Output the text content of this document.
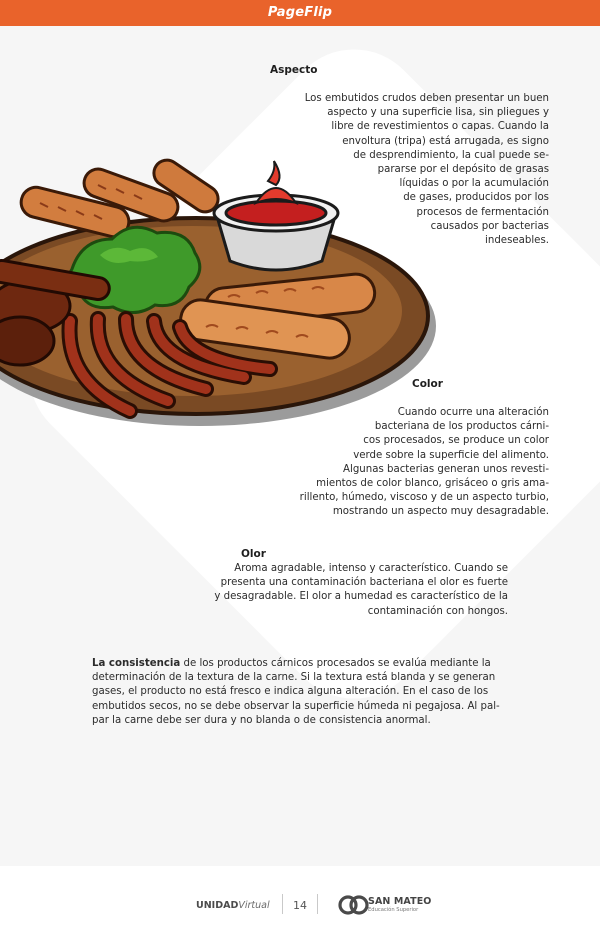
PageFlip

Aspecto

Los embutidos crudos deben presentar un buen
aspecto y una superficie lisa, sin pliegues y
libre de revestimientos o capas. Cuando la
envoltura (tripa) está arrugada, es signo
de desprendimiento, la cual puede se-
pararse por el depósito de grasas
líquidas o por la acumulación
de gases, producidos por los
procesos de fermentación
causados por bacterias
indeseables.

Color

Cuando ocurre una alteración
bacteriana de los productos cárni-
cos procesados, se produce un color
verde sobre la superficie del alimento.
Algunas bacterias generan unos revesti-
mientos de color blanco, grisáceo o gris ama-
rillento, húmedo, viscoso y de un aspecto turbio,
mostrando un aspecto muy desagradable.

Olor

Aroma agradable, intenso y característico. Cuando se
presenta una contaminación bacteriana el olor es fuerte
y desagradable. El olor a humedad es característico de la
contaminación con hongos.

La consistencia de los productos cárnicos procesados se evalúa mediante la
determinación de la textura de la carne. Si la textura está blanda y se generan
gases, el producto no está fresco e indica alguna alteración. En el caso de los
embutidos secos, no se debe observar la superficie húmeda ni pegajosa. Al pal-
par la carne debe ser dura y no blanda o de consistencia anormal.

UNIDADVirtual	14	SAN MATEO
Educación Superior
